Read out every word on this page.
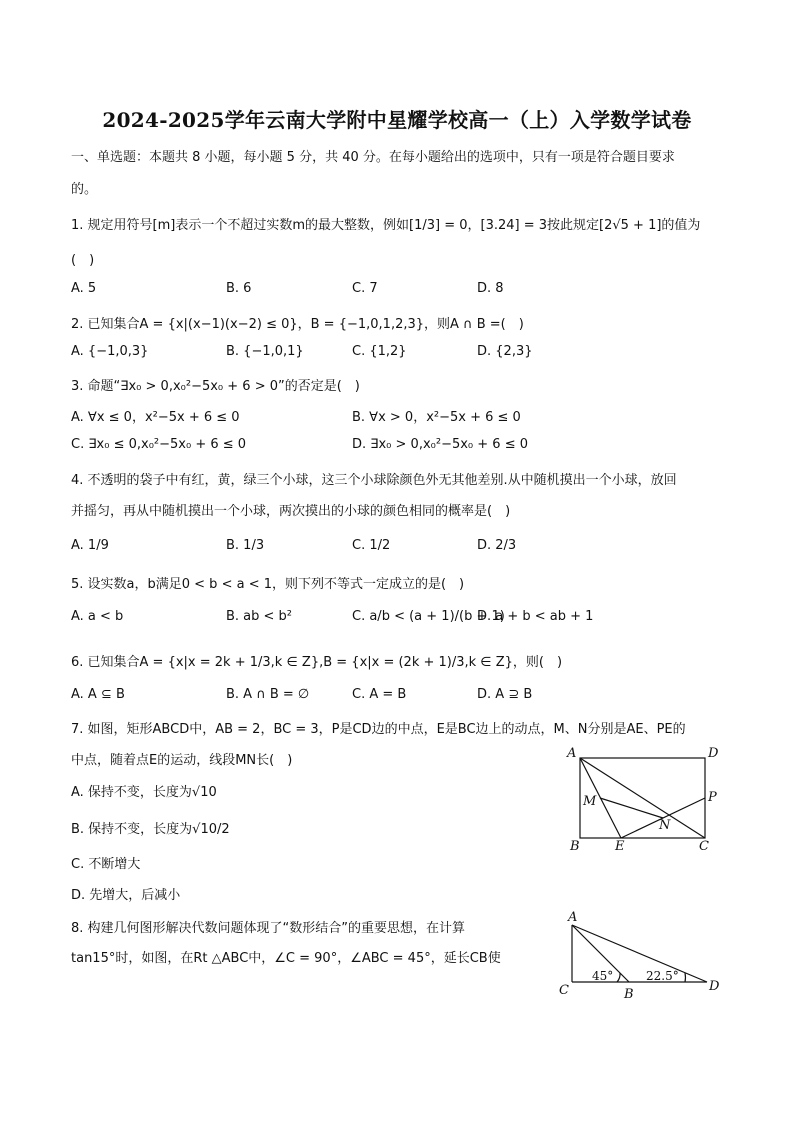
2024-2025学年云南大学附中星耀学校高一（上）入学数学试卷
一、单选题：本题共 8 小题，每小题 5 分，共 40 分。在每小题给出的选项中，只有一项是符合题目要求
的。
1. 规定用符号[m]表示一个不超过实数m的最大整数，例如[1/3] = 0，[3.24] = 3按此规定[2√5 + 1]的值为
(　)
A. 5	B. 6	C. 7	D. 8
2. 已知集合A = {x|(x−1)(x−2) ≤ 0}，B = {−1,0,1,2,3}，则A ∩ B =(　)
A. {−1,0,3}	B. {−1,0,1}	C. {1,2}	D. {2,3}
3. 命题“∃x₀ > 0,x₀²−5x₀ + 6 > 0”的否定是(　)
A. ∀x ≤ 0，x²−5x + 6 ≤ 0	B. ∀x > 0，x²−5x + 6 ≤ 0
C. ∃x₀ ≤ 0,x₀²−5x₀ + 6 ≤ 0	D. ∃x₀ > 0,x₀²−5x₀ + 6 ≤ 0
4. 不透明的袋子中有红，黄，绿三个小球，这三个小球除颜色外无其他差别.从中随机摸出一个小球，放回
并摇匀，再从中随机摸出一个小球，两次摸出的小球的颜色相同的概率是(　)
A. 1/9	B. 1/3	C. 1/2	D. 2/3
5. 设实数a，b满足0 < b < a < 1，则下列不等式一定成立的是(　)
A. a < b	B. ab < b²	C. a/b < (a + 1)/(b + 1)
D. a + b < ab + 1
6. 已知集合A = {x|x = 2k + 1/3,k ∈ Z},B = {x|x = (2k + 1)/3,k ∈ Z}，则(　)
A. A ⊆ B	B. A ∩ B = ∅	C. A = B	D. A ⊇ B
7. 如图，矩形ABCD中，AB = 2，BC = 3，P是CD边的中点，E是BC边上的动点，M、N分别是AE、PE的
中点，随着点E的运动，线段MN长(　)
A. 保持不变，长度为√10
B. 保持不变，长度为√10/2
C. 不断增大
D. 先增大，后减小
A	D
M	P
N
B	E	C
8. 构建几何图形解决代数问题体现了“数形结合”的重要思想，在计算
tan15°时，如图，在Rt △ABC中，∠C = 90°，∠ABC = 45°，延长CB使
A
C	B
D
45°	22.5°
